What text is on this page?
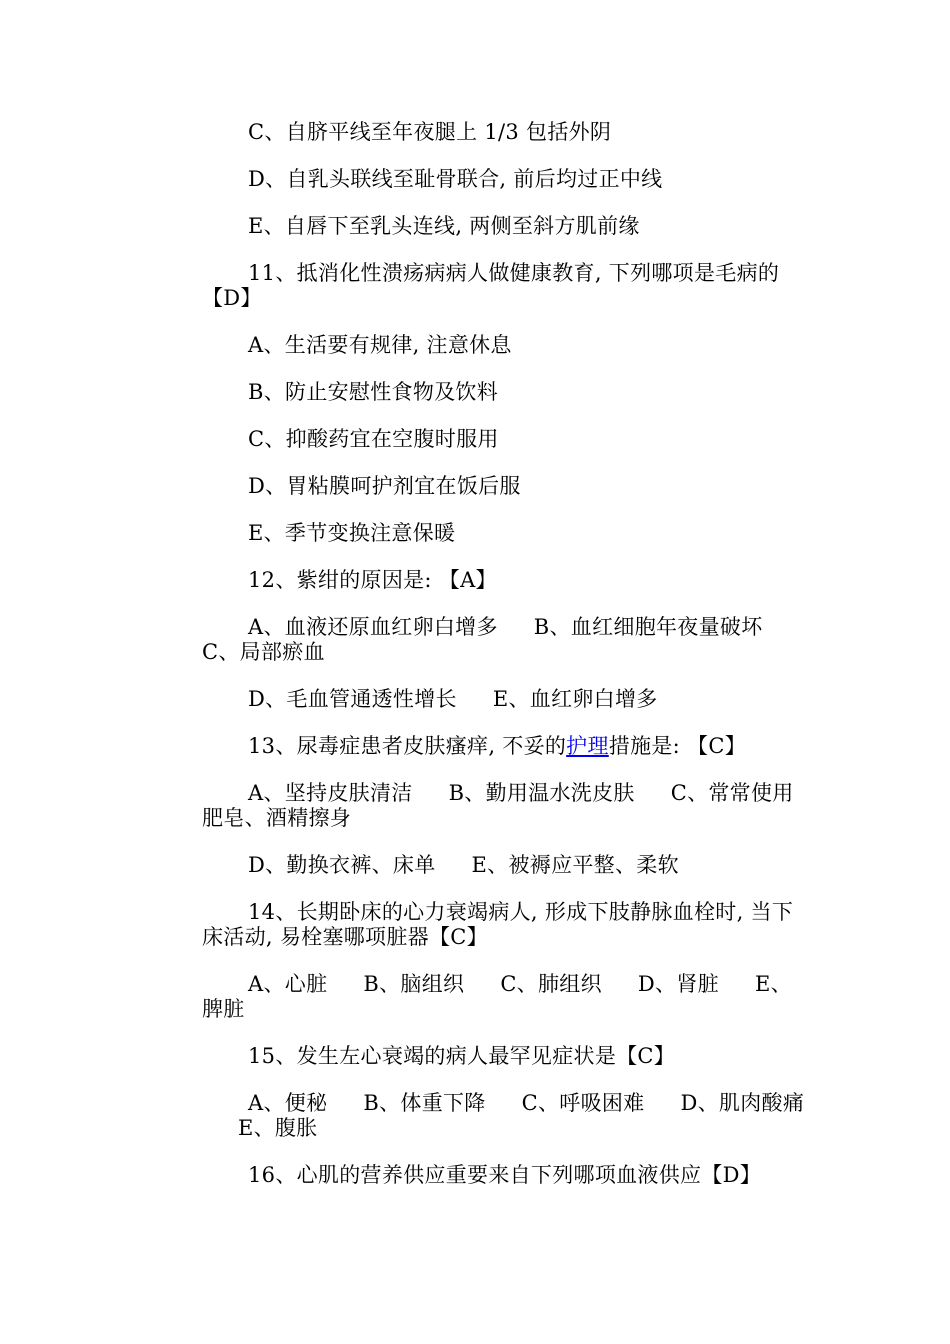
C、自脐平线至年夜腿上 1/3 包括外阴

D、自乳头联线至耻骨联合, 前后均过正中线

E、自唇下至乳头连线, 两侧至斜方肌前缘

11、抵消化性溃疡病病人做健康教育, 下列哪项是毛病的【D】

A、生活要有规律, 注意休息

B、防止安慰性食物及饮料

C、抑酸药宜在空腹时服用

D、胃粘膜呵护剂宜在饭后服

E、季节变换注意保暖

12、紫绀的原因是: 【A】

A、血液还原血红卵白增多 B、血红细胞年夜量破坏C、局部瘀血

D、毛血管通透性增长 E、血红卵白增多

13、尿毒症患者皮肤瘙痒, 不妥的护理措施是: 【C】

A、坚持皮肤清洁 B、勤用温水洗皮肤 C、常常使用肥皂、酒精擦身

D、勤换衣裤、床单 E、被褥应平整、柔软

14、长期卧床的心力衰竭病人, 形成下肢静脉血栓时, 当下床活动, 易栓塞哪项脏器【C】

A、心脏 B、脑组织 C、肺组织 D、肾脏 E、脾脏

15、发生左心衰竭的病人最罕见症状是【C】

A、便秘 B、体重下降 C、呼吸困难 D、肌肉酸痛E、腹胀

16、心肌的营养供应重要来自下列哪项血液供应【D】
